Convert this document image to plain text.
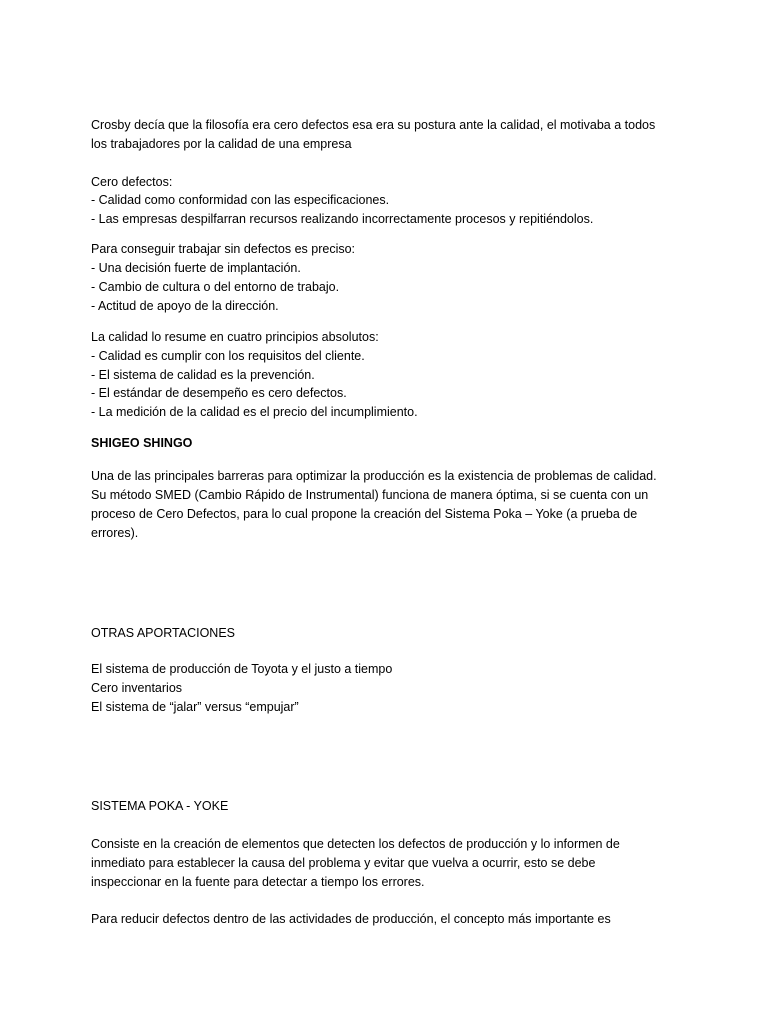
Crosby decía que la filosofía era cero defectos esa era su postura ante la calidad, el motivaba a todos

los trabajadores por la calidad de una empresa

Cero defectos:

- Calidad como conformidad con las especificaciones.

- Las empresas despilfarran recursos realizando incorrectamente procesos y repitiéndolos.

Para conseguir trabajar sin defectos es preciso:

- Una decisión fuerte de implantación.

- Cambio de cultura o del entorno de trabajo.

- Actitud de apoyo de la dirección.

La calidad lo resume en cuatro principios absolutos:

- Calidad es cumplir con los requisitos del cliente.

- El sistema de calidad es la prevención.

- El estándar de desempeño es cero defectos.

- La medición de la calidad es el precio del incumplimiento.

SHIGEO SHINGO

Una de las principales barreras para optimizar la producción es la existencia de problemas de calidad.

Su método SMED (Cambio Rápido de Instrumental) funciona de manera óptima, si se cuenta con un

proceso de Cero Defectos, para lo cual propone la creación del Sistema Poka – Yoke (a prueba de

errores).

OTRAS APORTACIONES

El sistema de producción de Toyota y el justo a tiempo

Cero inventarios

El sistema de “jalar” versus “empujar”

SISTEMA POKA - YOKE

Consiste en la creación de elementos que detecten los defectos de producción y lo informen de

inmediato para establecer la causa del problema y evitar que vuelva a ocurrir, esto se debe

inspeccionar en la fuente para detectar a tiempo los errores.

Para reducir defectos dentro de las actividades de producción, el concepto más importante es
